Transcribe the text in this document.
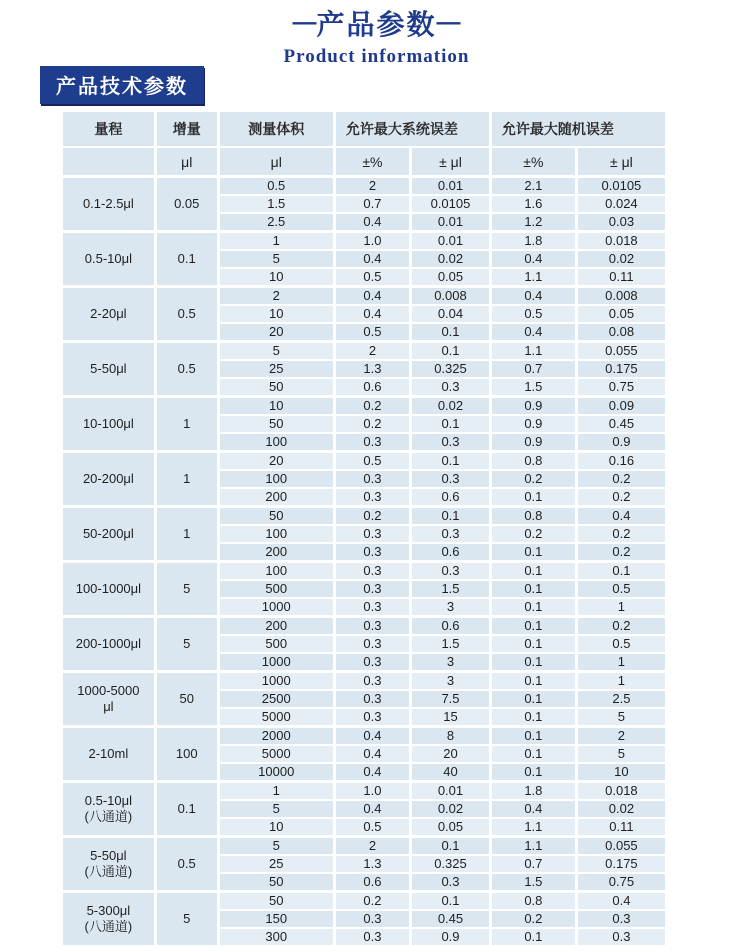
—产品参数—
Product information
产品技术参数
量程	增量	测量体积	允许最大系统误差		允许最大随机误差	
	μl	μl	±%	± μl	±%	± μl

0.1-2.5μl	0.05	0.5	2	0.01	2.1	0.0105
		1.5	0.7	0.0105	1.6	0.024
		2.5	0.4	0.01	1.2	0.03

0.5-10μl	0.1	1	1.0	0.01	1.8	0.018
		5	0.4	0.02	0.4	0.02
		10	0.5	0.05	1.1	0.11

2-20μl	0.5	2	0.4	0.008	0.4	0.008
		10	0.4	0.04	0.5	0.05
		20	0.5	0.1	0.4	0.08

5-50μl	0.5	5	2	0.1	1.1	0.055
		25	1.3	0.325	0.7	0.175
		50	0.6	0.3	1.5	0.75

10-100μl	1	10	0.2	0.02	0.9	0.09
		50	0.2	0.1	0.9	0.45
		100	0.3	0.3	0.9	0.9

20-200μl	1	20	0.5	0.1	0.8	0.16
		100	0.3	0.3	0.2	0.2
		200	0.3	0.6	0.1	0.2

50-200μl	1	50	0.2	0.1	0.8	0.4
		100	0.3	0.3	0.2	0.2
		200	0.3	0.6	0.1	0.2

100-1000μl	5	100	0.3	0.3	0.1	0.1
		500	0.3	1.5	0.1	0.5
		1000	0.3	3	0.1	1

200-1000μl	5	200	0.3	0.6	0.1	0.2
		500	0.3	1.5	0.1	0.5
		1000	0.3	3	0.1	1

1000-5000
μl	50	1000	0.3	3	0.1	1
		2500	0.3	7.5	0.1	2.5
		5000	0.3	15	0.1	5

2-10ml	100	2000	0.4	8	0.1	2
		5000	0.4	20	0.1	5
		10000	0.4	40	0.1	10

0.5-10μl
(八通道)	0.1	1	1.0	0.01	1.8	0.018
		5	0.4	0.02	0.4	0.02
		10	0.5	0.05	1.1	0.11

5-50μl
(八通道)	0.5	5	2	0.1	1.1	0.055
		25	1.3	0.325	0.7	0.175
		50	0.6	0.3	1.5	0.75

5-300μl
(八通道)	5	50	0.2	0.1	0.8	0.4
		150	0.3	0.45	0.2	0.3
		300	0.3	0.9	0.1	0.3
